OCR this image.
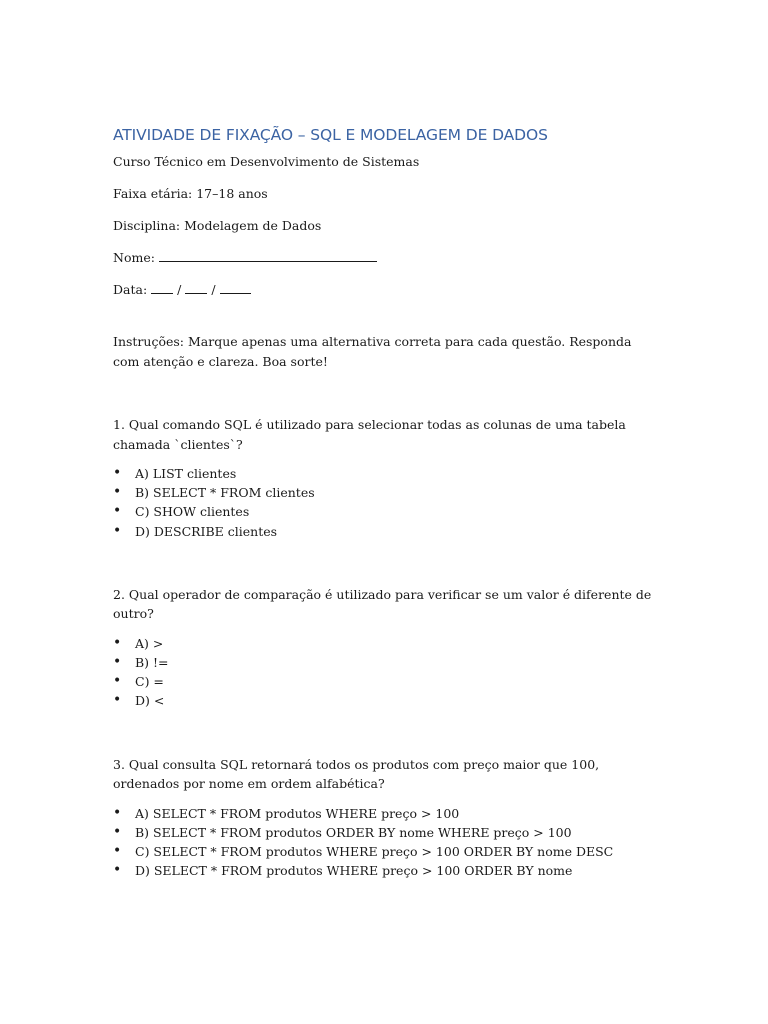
ATIVIDADE DE FIXAÇÃO – SQL E MODELAGEM DE DADOS

Curso Técnico em Desenvolvimento de Sistemas

Faixa etária: 17–18 anos

Disciplina: Modelagem de Dados

Nome:

Data: / /

Instruções: Marque apenas uma alternativa correta para cada questão. Responda com atenção e clareza. Boa sorte!

1. Qual comando SQL é utilizado para selecionar todas as colunas de uma tabela chamada `clientes`?

• A) LIST clientes
• B) SELECT * FROM clientes
• C) SHOW clientes
• D) DESCRIBE clientes

2. Qual operador de comparação é utilizado para verificar se um valor é diferente de outro?

• A) >
• B) !=
• C) =
• D) <

3. Qual consulta SQL retornará todos os produtos com preço maior que 100, ordenados por nome em ordem alfabética?

• A) SELECT * FROM produtos WHERE preço > 100
• B) SELECT * FROM produtos ORDER BY nome WHERE preço > 100
• C) SELECT * FROM produtos WHERE preço > 100 ORDER BY nome DESC
• D) SELECT * FROM produtos WHERE preço > 100 ORDER BY nome
